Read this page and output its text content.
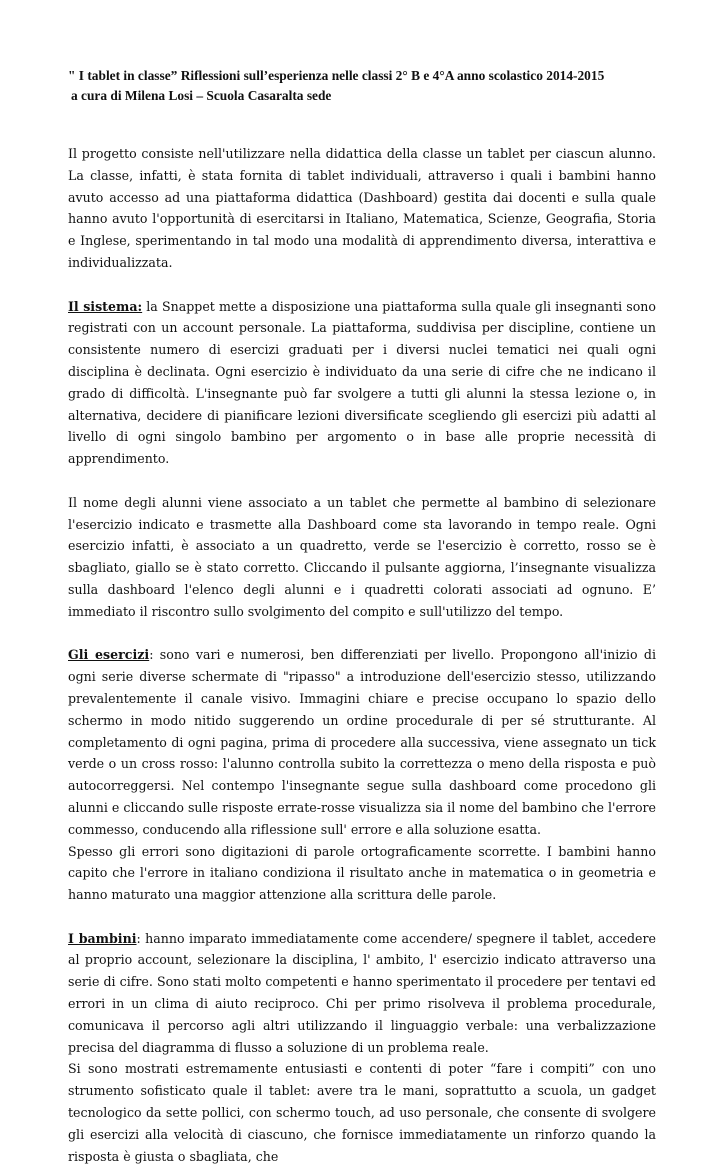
" I tablet in classe” Riflessioni sull’esperienza nelle classi 2° B e 4°A anno scolastico 2014-2015
a cura di Milena Losi – Scuola Casaralta sede

Il progetto consiste nell'utilizzare nella didattica della classe un tablet per ciascun alunno. La classe, infatti, è stata fornita di tablet individuali, attraverso i quali i bambini hanno avuto accesso ad una piattaforma didattica (Dashboard) gestita dai docenti e sulla quale hanno avuto l'opportunità di esercitarsi in Italiano, Matematica, Scienze, Geografia, Storia e Inglese, sperimentando in tal modo una modalità di apprendimento diversa, interattiva e individualizzata.

Il sistema: la Snappet mette a disposizione una piattaforma sulla quale gli insegnanti sono registrati con un account personale. La piattaforma, suddivisa per discipline, contiene un consistente numero di esercizi graduati per i diversi nuclei tematici nei quali ogni disciplina è declinata. Ogni esercizio è individuato da una serie di cifre che ne indicano il grado di difficoltà. L'insegnante può far svolgere a tutti gli alunni la stessa lezione o, in alternativa, decidere di pianificare lezioni diversificate scegliendo gli esercizi più adatti al livello di ogni singolo bambino per argomento o in base alle proprie necessità di apprendimento.

Il nome degli alunni viene associato a un tablet che permette al bambino di selezionare l'esercizio indicato e trasmette alla Dashboard come sta lavorando in tempo reale. Ogni esercizio infatti, è associato a un quadretto, verde se l'esercizio è corretto, rosso se è sbagliato, giallo se è stato corretto. Cliccando il pulsante aggiorna, l’insegnante visualizza sulla dashboard l'elenco degli alunni e i quadretti colorati associati ad ognuno. E’ immediato il riscontro sullo svolgimento del compito e sull'utilizzo del tempo.

Gli esercizi: sono vari e numerosi, ben differenziati per livello. Propongono all'inizio di ogni serie diverse schermate di "ripasso" a introduzione dell'esercizio stesso, utilizzando prevalentemente il canale visivo. Immagini chiare e precise occupano lo spazio dello schermo in modo nitido suggerendo un ordine procedurale di per sé strutturante. Al completamento di ogni pagina, prima di procedere alla successiva, viene assegnato un tick verde o un cross rosso: l'alunno controlla subito la correttezza o meno della risposta e può autocorreggersi. Nel contempo l'insegnante segue sulla dashboard come procedono gli alunni e cliccando sulle risposte errate-rosse visualizza sia il nome del bambino che l'errore commesso, conducendo alla riflessione sull' errore e alla soluzione esatta.

Spesso gli errori sono digitazioni di parole ortograficamente scorrette. I bambini hanno capito che l'errore in italiano condiziona il risultato anche in matematica o in geometria e hanno maturato una maggior attenzione alla scrittura delle parole.

I bambini: hanno imparato immediatamente come accendere/ spegnere il tablet, accedere al proprio account, selezionare la disciplina, l' ambito, l' esercizio indicato attraverso una serie di cifre. Sono stati molto competenti e hanno sperimentato il procedere per tentavi ed errori in un clima di aiuto reciproco. Chi per primo risolveva il problema procedurale, comunicava il percorso agli altri utilizzando il linguaggio verbale: una verbalizzazione precisa del diagramma di flusso a soluzione di un problema reale.

Si sono mostrati estremamente entusiasti e contenti di poter “fare i compiti” con uno strumento sofisticato quale il tablet: avere tra le mani, soprattutto a scuola, un gadget tecnologico da sette pollici, con schermo touch, ad uso personale, che consente di svolgere gli esercizi alla velocità di ciascuno, che fornisce immediatamente un rinforzo quando la risposta è giusta o sbagliata, che
